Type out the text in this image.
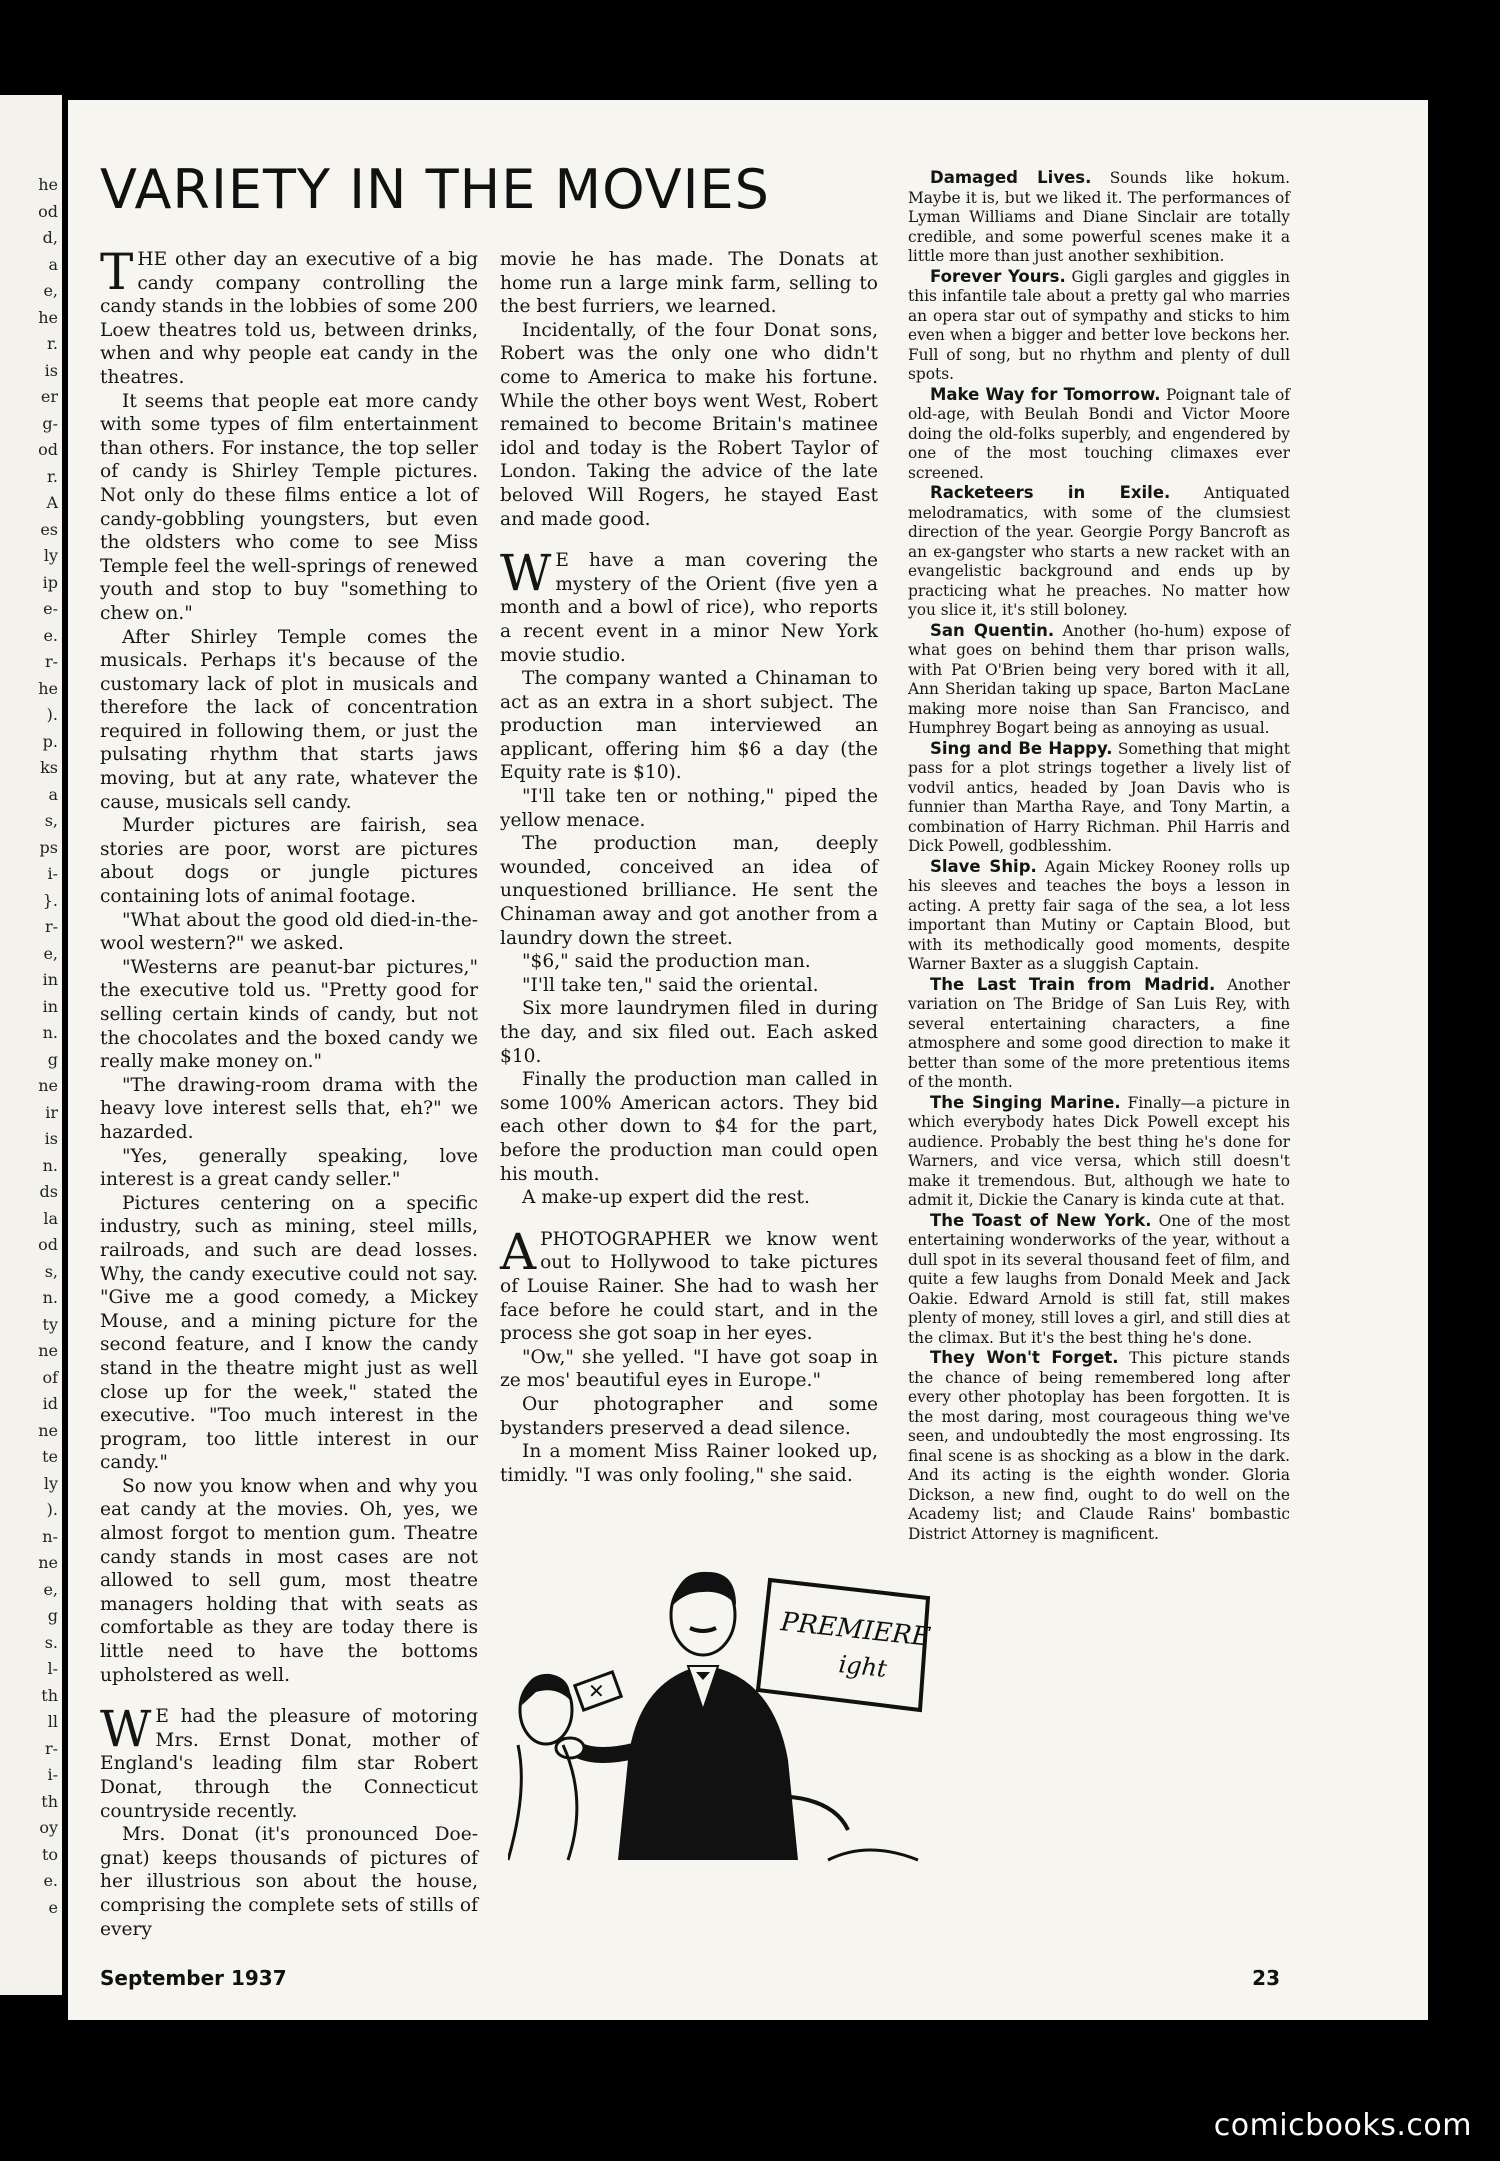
he
od
d,
a
e,
he
r.
is
er
g-
od
r.
A
es
ly
ip
e-
e.
r-
he
).
p.
ks
a
s,
ps
i-
}.
r-
e,
in
in
n.
g
ne
ir
is
n.
ds
la
od
s,
n.
ty
ne
of
id
ne
te
ly
).
n-
ne
e,
g
s.
l-
th
ll
r-
i-
th
oy
to
e.
e
VARIETY IN THE MOVIES

THE other day an executive of a big candy company controlling the candy stands in the lobbies of some 200 Loew theatres told us, between drinks, when and why people eat candy in the theatres.

It seems that people eat more candy with some types of film entertainment than others. For instance, the top seller of candy is Shirley Temple pictures. Not only do these films entice a lot of candy-gobbling youngsters, but even the oldsters who come to see Miss Temple feel the well-springs of renewed youth and stop to buy "something to chew on."

After Shirley Temple comes the musicals. Perhaps it's because of the customary lack of plot in musicals and therefore the lack of concentration required in following them, or just the pulsating rhythm that starts jaws moving, but at any rate, whatever the cause, musicals sell candy.

Murder pictures are fairish, sea stories are poor, worst are pictures about dogs or jungle pictures containing lots of animal footage.

"What about the good old died-in-the-wool western?" we asked.

"Westerns are peanut-bar pictures," the executive told us. "Pretty good for selling certain kinds of candy, but not the chocolates and the boxed candy we really make money on."

"The drawing-room drama with the heavy love interest sells that, eh?" we hazarded.

"Yes, generally speaking, love interest is a great candy seller."

Pictures centering on a specific industry, such as mining, steel mills, railroads, and such are dead losses. Why, the candy executive could not say. "Give me a good comedy, a Mickey Mouse, and a mining picture for the second feature, and I know the candy stand in the theatre might just as well close up for the week," stated the executive. "Too much interest in the program, too little interest in our candy."

So now you know when and why you eat candy at the movies. Oh, yes, we almost forgot to mention gum. Theatre candy stands in most cases are not allowed to sell gum, most theatre managers holding that with seats as comfortable as they are today there is little need to have the bottoms upholstered as well.

W E had the pleasure of motoring Mrs. Ernst Donat, mother of England's leading film star Robert Donat, through the Connecticut countryside recently.

Mrs. Donat (it's pronounced Doe-gnat) keeps thousands of pictures of her illustrious son about the house, comprising the complete sets of stills of every

movie he has made. The Donats at home run a large mink farm, selling to the best furriers, we learned.

Incidentally, of the four Donat sons, Robert was the only one who didn't come to America to make his fortune. While the other boys went West, Robert remained to become Britain's matinee idol and today is the Robert Taylor of London. Taking the advice of the late beloved Will Rogers, he stayed East and made good.

W E have a man covering the mystery of the Orient (five yen a month and a bowl of rice), who reports a recent event in a minor New York movie studio.

The company wanted a Chinaman to act as an extra in a short subject. The production man interviewed an applicant, offering him $6 a day (the Equity rate is $10).

"I'll take ten or nothing," piped the yellow menace.

The production man, deeply wounded, conceived an idea of unquestioned brilliance. He sent the Chinaman away and got another from a laundry down the street.

"$6," said the production man.

"I'll take ten," said the oriental.

Six more laundrymen filed in during the day, and six filed out. Each asked $10.

Finally the production man called in some 100% American actors. They bid each other down to $4 for the part, before the production man could open his mouth.

A make-up expert did the rest.

APHOTOGRAPHER we know went out to Hollywood to take pictures of Louise Rainer. She had to wash her face before he could start, and in the process she got soap in her eyes.

"Ow," she yelled. "I have got soap in ze mos' beautiful eyes in Europe."

Our photographer and some bystanders preserved a dead silence.

In a moment Miss Rainer looked up, timidly. "I was only fooling," she said.

Damaged Lives. Sounds like hokum. Maybe it is, but we liked it. The performances of Lyman Williams and Diane Sinclair are totally credible, and some powerful scenes make it a little more than just another sexhibition.

Forever Yours. Gigli gargles and giggles in this infantile tale about a pretty gal who marries an opera star out of sympathy and sticks to him even when a bigger and better love beckons her. Full of song, but no rhythm and plenty of dull spots.

Make Way for Tomorrow. Poignant tale of old-age, with Beulah Bondi and Victor Moore doing the old-folks superbly, and engendered by one of the most touching climaxes ever screened.

Racketeers in Exile. Antiquated melodramatics, with some of the clumsiest direction of the year. Georgie Porgy Bancroft as an ex-gangster who starts a new racket with an evangelistic background and ends up by practicing what he preaches. No matter how you slice it, it's still boloney.

San Quentin. Another (ho-hum) expose of what goes on behind them thar prison walls, with Pat O'Brien being very bored with it all, Ann Sheridan taking up space, Barton MacLane making more noise than San Francisco, and Humphrey Bogart being as annoying as usual.

Sing and Be Happy. Something that might pass for a plot strings together a lively list of vodvil antics, headed by Joan Davis who is funnier than Martha Raye, and Tony Martin, a combination of Harry Richman. Phil Harris and Dick Powell, godblesshim.

Slave Ship. Again Mickey Rooney rolls up his sleeves and teaches the boys a lesson in acting. A pretty fair saga of the sea, a lot less important than Mutiny or Captain Blood, but with its methodically good moments, despite Warner Baxter as a sluggish Captain.

The Last Train from Madrid. Another variation on The Bridge of San Luis Rey, with several entertaining characters, a fine atmosphere and some good direction to make it better than some of the more pretentious items of the month.

The Singing Marine. Finally—a picture in which everybody hates Dick Powell except his audience. Probably the best thing he's done for Warners, and vice versa, which still doesn't make it tremendous. But, although we hate to admit it, Dickie the Canary is kinda cute at that.

The Toast of New York. One of the most entertaining wonderworks of the year, without a dull spot in its several thousand feet of film, and quite a few laughs from Donald Meek and Jack Oakie. Edward Arnold is still fat, still makes plenty of money, still loves a girl, and still dies at the climax. But it's the best thing he's done.

They Won't Forget. This picture stands the chance of being remembered long after every other photoplay has been forgotten. It is the most daring, most courageous thing we've seen, and undoubtedly the most engrossing. Its final scene is as shocking as a blow in the dark. And its acting is the eighth wonder. Gloria Dickson, a new find, ought to do well on the Academy list; and Claude Rains' bombastic District Attorney is magnificent.

PREMIERE
ight
✕
September 1937	23
comicbooks.com
